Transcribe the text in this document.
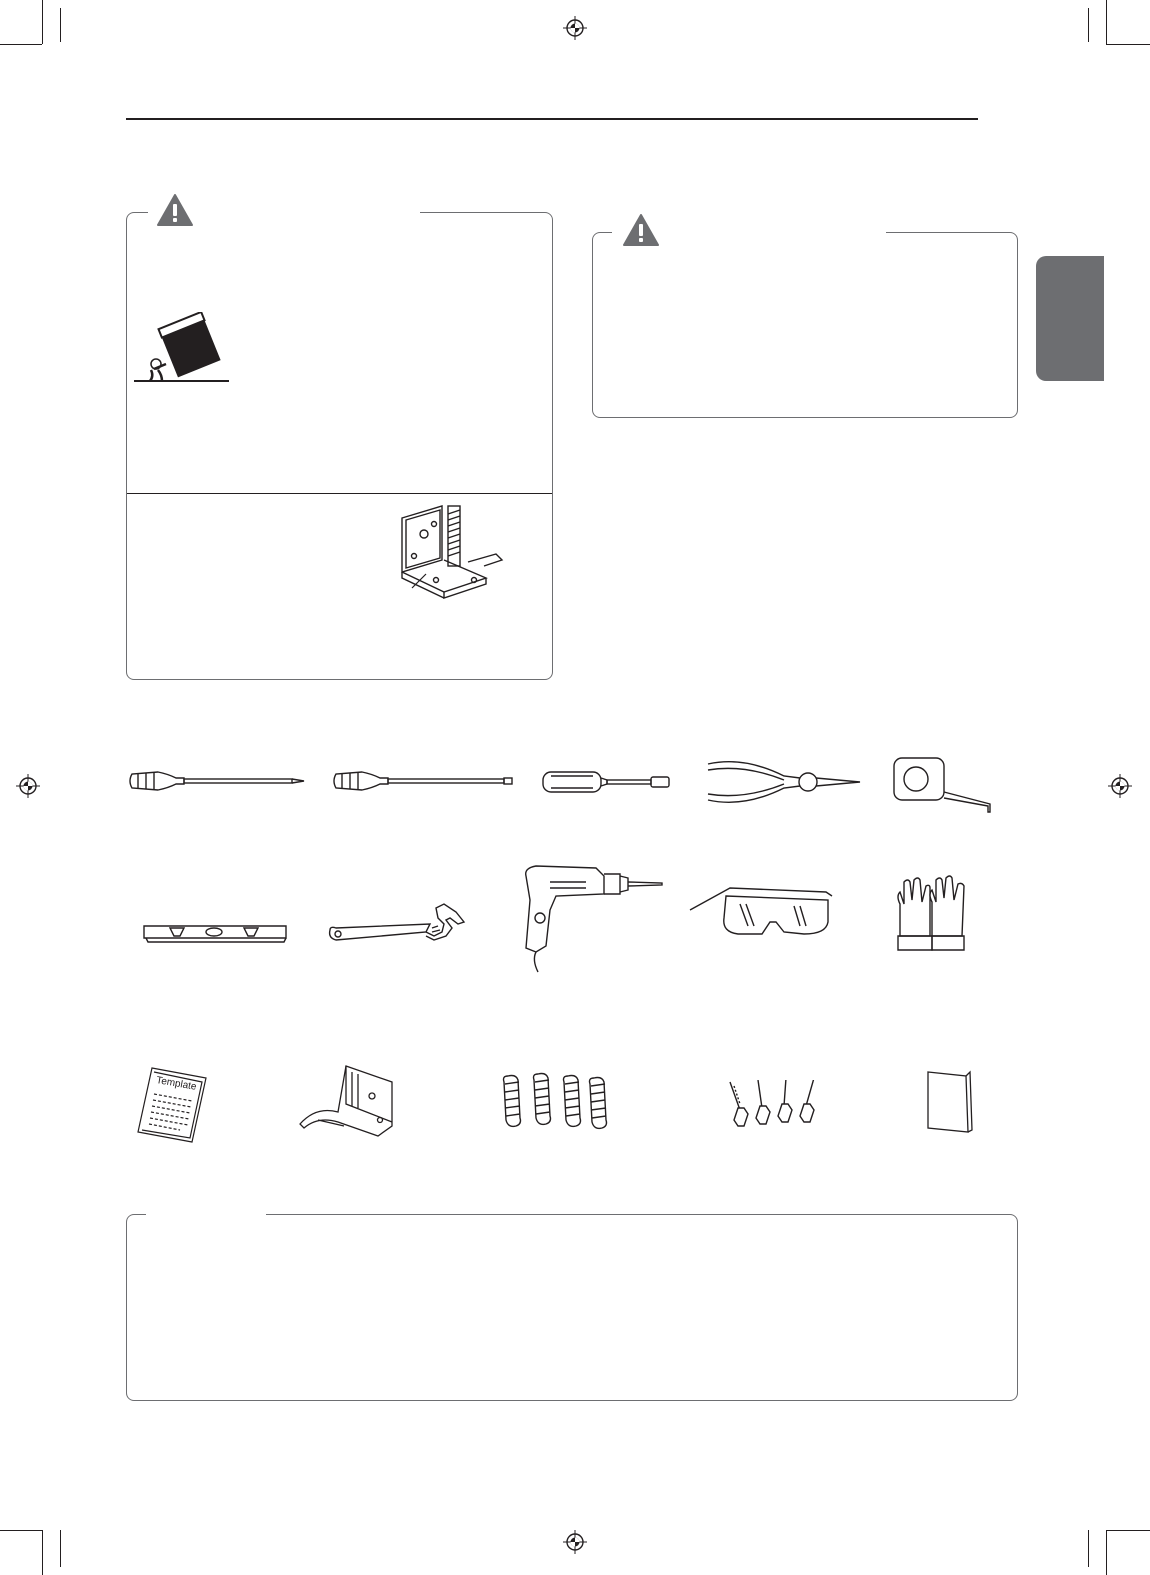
Template
